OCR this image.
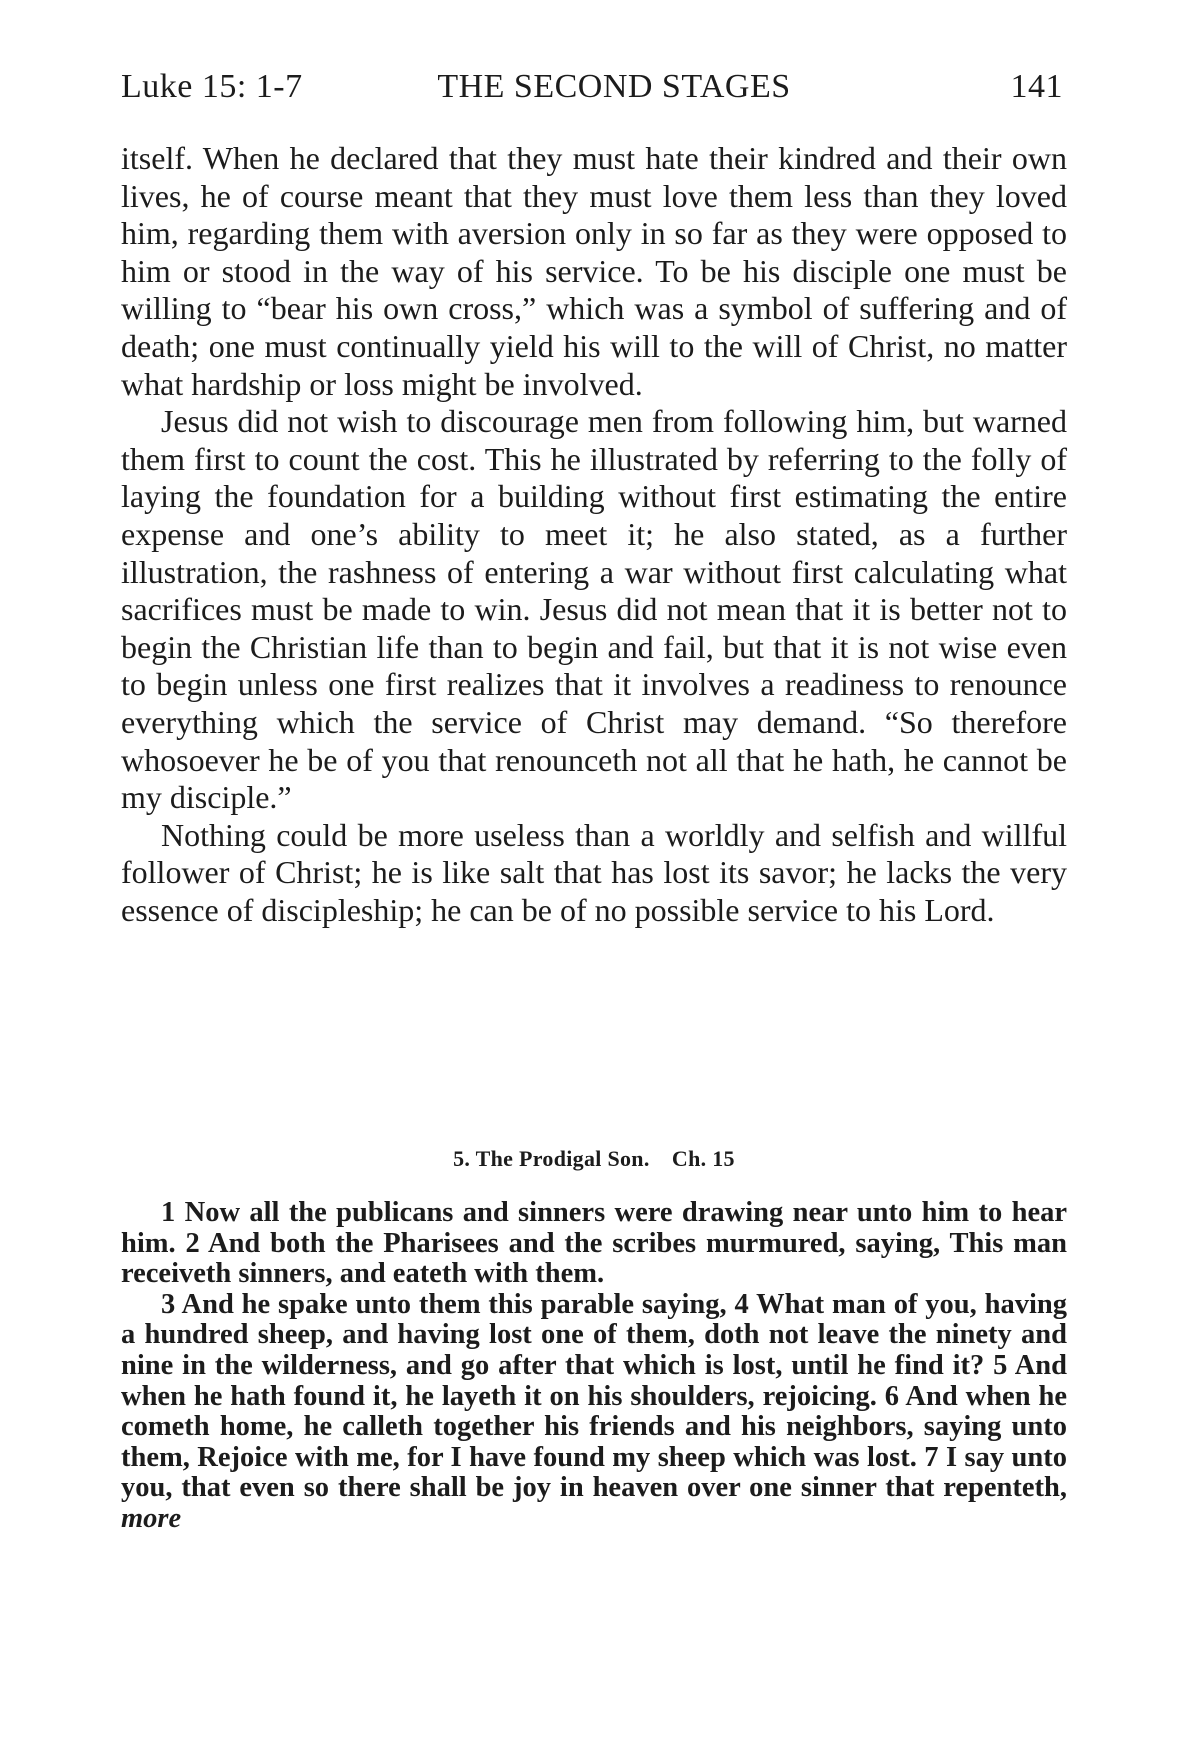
Luke 15: 1-7	THE SECOND STAGES	141

itself. When he declared that they must hate their kindred and their own lives, he of course meant that they must love them less than they loved him, regarding them with aversion only in so far as they were opposed to him or stood in the way of his service. To be his disciple one must be willing to “bear his own cross,” which was a symbol of suffering and of death; one must continually yield his will to the will of Christ, no matter what hardship or loss might be involved.

Jesus did not wish to discourage men from following him, but warned them first to count the cost. This he illustrated by referring to the folly of laying the foundation for a building without first estimating the entire expense and one’s ability to meet it; he also stated, as a further illustration, the rashness of entering a war without first calculating what sacrifices must be made to win. Jesus did not mean that it is better not to begin the Christian life than to begin and fail, but that it is not wise even to begin unless one first realizes that it involves a readiness to renounce everything which the service of Christ may demand. “So therefore whosoever he be of you that renounceth not all that he hath, he cannot be my disciple.”

Nothing could be more useless than a worldly and selfish and willful follower of Christ; he is like salt that has lost its savor; he lacks the very essence of discipleship; he can be of no possible service to his Lord.

5. The Prodigal Son. Ch. 15

1 Now all the publicans and sinners were drawing near unto him to hear him. 2 And both the Pharisees and the scribes murmured, saying, This man receiveth sinners, and eateth with them.

3 And he spake unto them this parable saying, 4 What man of you, having a hundred sheep, and having lost one of them, doth not leave the ninety and nine in the wilderness, and go after that which is lost, until he find it? 5 And when he hath found it, he layeth it on his shoulders, rejoicing. 6 And when he cometh home, he calleth together his friends and his neighbors, saying unto them, Rejoice with me, for I have found my sheep which was lost. 7 I say unto you, that even so there shall be joy in heaven over one sinner that repenteth, more
